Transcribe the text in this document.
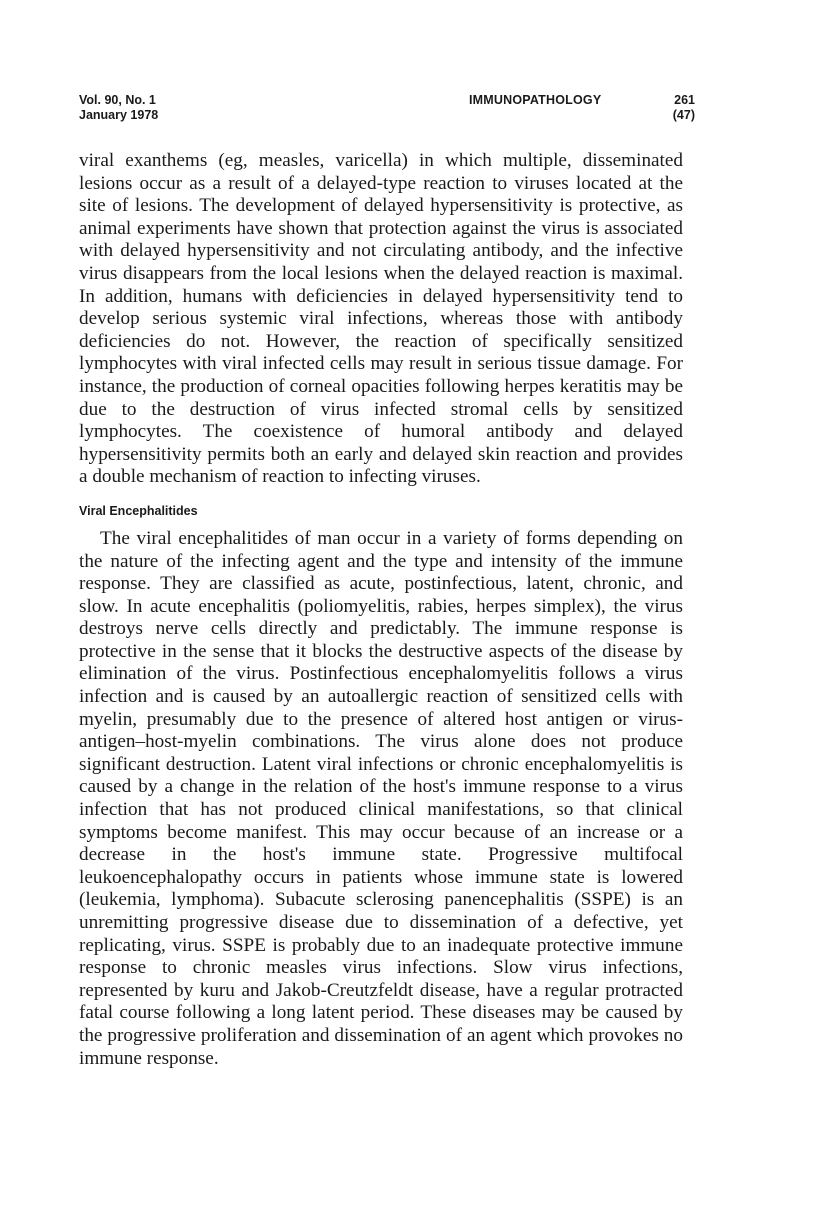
Vol. 90, No. 1
January 1978
IMMUNOPATHOLOGY	261
(47)

viral exanthems (eg, measles, varicella) in which multiple, disseminated lesions occur as a result of a delayed-type reaction to viruses located at the site of lesions. The development of delayed hypersensitivity is protective, as animal experiments have shown that protection against the virus is associated with delayed hypersensitivity and not circulating antibody, and the infective virus disappears from the local lesions when the delayed reaction is maximal. In addition, humans with deficiencies in delayed hypersensitivity tend to develop serious systemic viral infections, whereas those with antibody deficiencies do not. However, the reaction of specifically sensitized lymphocytes with viral infected cells may result in serious tissue damage. For instance, the production of corneal opacities following herpes keratitis may be due to the destruction of virus infected stromal cells by sensitized lymphocytes. The coexistence of humoral antibody and delayed hypersensitivity permits both an early and delayed skin reaction and provides a double mechanism of reaction to infecting viruses.

Viral Encephalitides

The viral encephalitides of man occur in a variety of forms depending on the nature of the infecting agent and the type and intensity of the immune response. They are classified as acute, postinfectious, latent, chronic, and slow. In acute encephalitis (poliomyelitis, rabies, herpes simplex), the virus destroys nerve cells directly and predictably. The immune response is protective in the sense that it blocks the destructive aspects of the disease by elimination of the virus. Postinfectious encephalomyelitis follows a virus infection and is caused by an autoallergic reaction of sensitized cells with myelin, presumably due to the presence of altered host antigen or virus-antigen–host-myelin combinations. The virus alone does not produce significant destruction. Latent viral infections or chronic encephalomyelitis is caused by a change in the relation of the host's immune response to a virus infection that has not produced clinical manifestations, so that clinical symptoms become manifest. This may occur because of an increase or a decrease in the host's immune state. Progressive multifocal leukoencephalopathy occurs in patients whose immune state is lowered (leukemia, lymphoma). Subacute sclerosing panencephalitis (SSPE) is an unremitting progressive disease due to dissemination of a defective, yet replicating, virus. SSPE is probably due to an inadequate protective immune response to chronic measles virus infections. Slow virus infections, represented by kuru and Jakob-Creutzfeldt disease, have a regular protracted fatal course following a long latent period. These diseases may be caused by the progressive proliferation and dissemination of an agent which provokes no immune response.
